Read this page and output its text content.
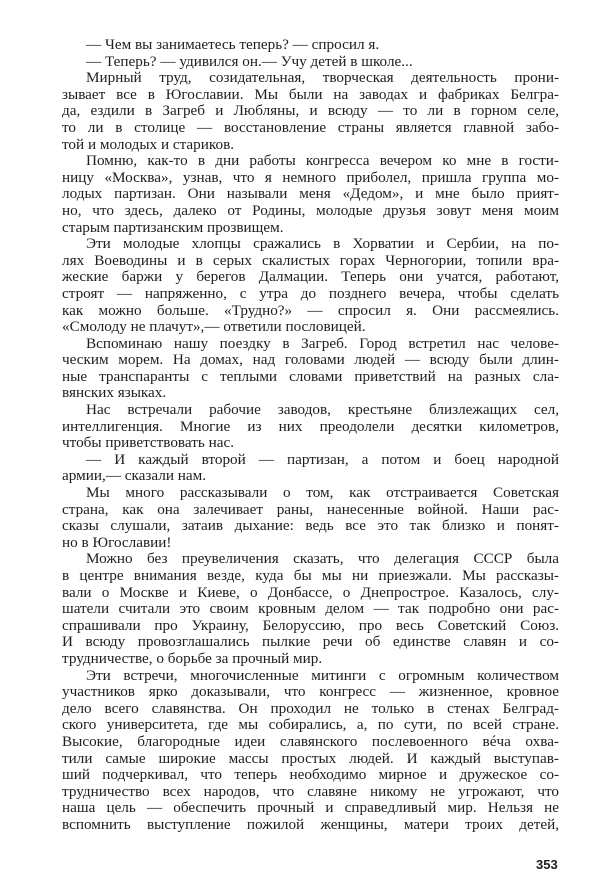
— Чем вы занимаетесь теперь? — спросил я.
— Теперь? — удивился он.— Учу детей в школе...
Мирный труд, созидательная, творческая деятельность прони-
зывает все в Югославии. Мы были на заводах и фабриках Белгра-
да, ездили в Загреб и Любляны, и всюду — то ли в горном селе,
то ли в столице — восстановление страны является главной забо-
той и молодых и стариков.
Помню, как-то в дни работы конгресса вечером ко мне в гости-
ницу «Москва», узнав, что я немного приболел, пришла группа мо-
лодых партизан. Они называли меня «Дедом», и мне было прият-
но, что здесь, далеко от Родины, молодые друзья зовут меня моим
старым партизанским прозвищем.
Эти молодые хлопцы сражались в Хорватии и Сербии, на по-
лях Воеводины и в серых скалистых горах Черногории, топили вра-
жеские баржи у берегов Далмации. Теперь они учатся, работают,
строят — напряженно, с утра до позднего вечера, чтобы сделать
как можно больше. «Трудно?» — спросил я. Они рассмеялись.
«Смолоду не плачут»,— ответили пословицей.
Вспоминаю нашу поездку в Загреб. Город встретил нас челове-
ческим морем. На домах, над головами людей — всюду были длин-
ные транспаранты с теплыми словами приветствий на разных сла-
вянских языках.
Нас встречали рабочие заводов, крестьяне близлежащих сел,
интеллигенция. Многие из них преодолели десятки километров,
чтобы приветствовать нас.
— И каждый второй — партизан, а потом и боец народной
армии,— сказали нам.
Мы много рассказывали о том, как отстраивается Советская
страна, как она залечивает раны, нанесенные войной. Наши рас-
сказы слушали, затаив дыхание: ведь все это так близко и понят-
но в Югославии!
Можно без преувеличения сказать, что делегация СССР была
в центре внимания везде, куда бы мы ни приезжали. Мы рассказы-
вали о Москве и Киеве, о Донбассе, о Днепрострое. Казалось, слу-
шатели считали это своим кровным делом — так подробно они рас-
спрашивали про Украину, Белоруссию, про весь Советский Союз.
И всюду провозглашались пылкие речи об единстве славян и со-
трудничестве, о борьбе за прочный мир.
Эти встречи, многочисленные митинги с огромным количеством
участников ярко доказывали, что конгресс — жизненное, кровное
дело всего славянства. Он проходил не только в стенах Белград-
ского университета, где мы собирались, а, по сути, по всей стране.
Высокие, благородные идеи славянского послевоенного вéча охва-
тили самые широкие массы простых людей. И каждый выступав-
ший подчеркивал, что теперь необходимо мирное и дружеское со-
трудничество всех народов, что славяне никому не угрожают, что
наша цель — обеспечить прочный и справедливый мир. Нельзя не
вспомнить выступление пожилой женщины, матери троих детей,
353
